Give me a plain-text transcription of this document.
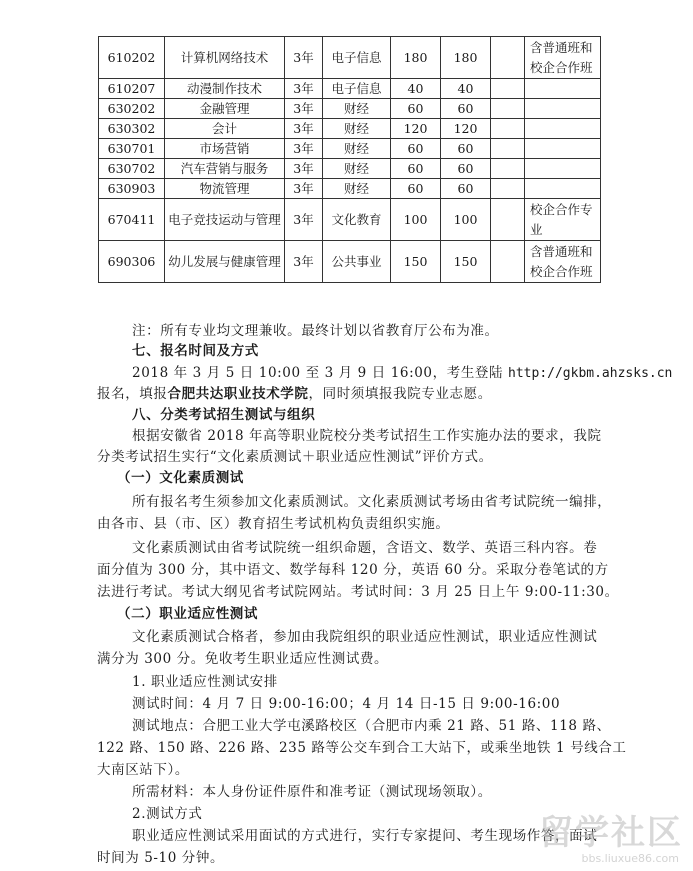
610202	计算机网络技术	3年	电子信息	180	180		含普通班和校企合作班
610207	动漫制作技术	3年	电子信息	40	40		
630202	金融管理	3年	财经	60	60		
630302	会计	3年	财经	120	120		
630701	市场营销	3年	财经	60	60		
630702	汽车营销与服务	3年	财经	60	60		
630903	物流管理	3年	财经	60	60		
670411	电子竞技运动与管理	3年	文化教育	100	100		校企合作专业
690306	幼儿发展与健康管理	3年	公共事业	150	150		含普通班和校企合作班
注：所有专业均文理兼收。最终计划以省教育厅公布为准。
七、报名时间及方式
2018 年 3 月 5 日 10:00 至 3 月 9 日 16:00，考生登陆 http://gkbm.ahzsks.cn
报名，填报合肥共达职业技术学院，同时须填报我院专业志愿。
八、分类考试招生测试与组织
根据安徽省 2018 年高等职业院校分类考试招生工作实施办法的要求，我院
分类考试招生实行“文化素质测试＋职业适应性测试”评价方式。
（一）文化素质测试
所有报名考生须参加文化素质测试。文化素质测试考场由省考试院统一编排，
由各市、县（市、区）教育招生考试机构负责组织实施。
文化素质测试由省考试院统一组织命题，含语文、数学、英语三科内容。卷
面分值为 300 分，其中语文、数学每科 120 分，英语 60 分。采取分卷笔试的方
法进行考试。考试大纲见省考试院网站。考试时间：3 月 25 日上午 9:00-11:30。
（二）职业适应性测试
文化素质测试合格者，参加由我院组织的职业适应性测试，职业适应性测试
满分为 300 分。免收考生职业适应性测试费。
1. 职业适应性测试安排
测试时间：4 月 7 日 9:00-16:00；4 月 14 日-15 日 9:00-16:00
测试地点：合肥工业大学屯溪路校区（合肥市内乘 21 路、51 路、118 路、
122 路、150 路、226 路、235 路等公交车到合工大站下，或乘坐地铁 1 号线合工
大南区站下）。
所需材料：本人身份证件原件和准考证（测试现场领取）。
2.测试方式
职业适应性测试采用面试的方式进行，实行专家提问、考生现场作答，面试
时间为 5-10 分钟。
留学社区
bbs.liuxue86.com
